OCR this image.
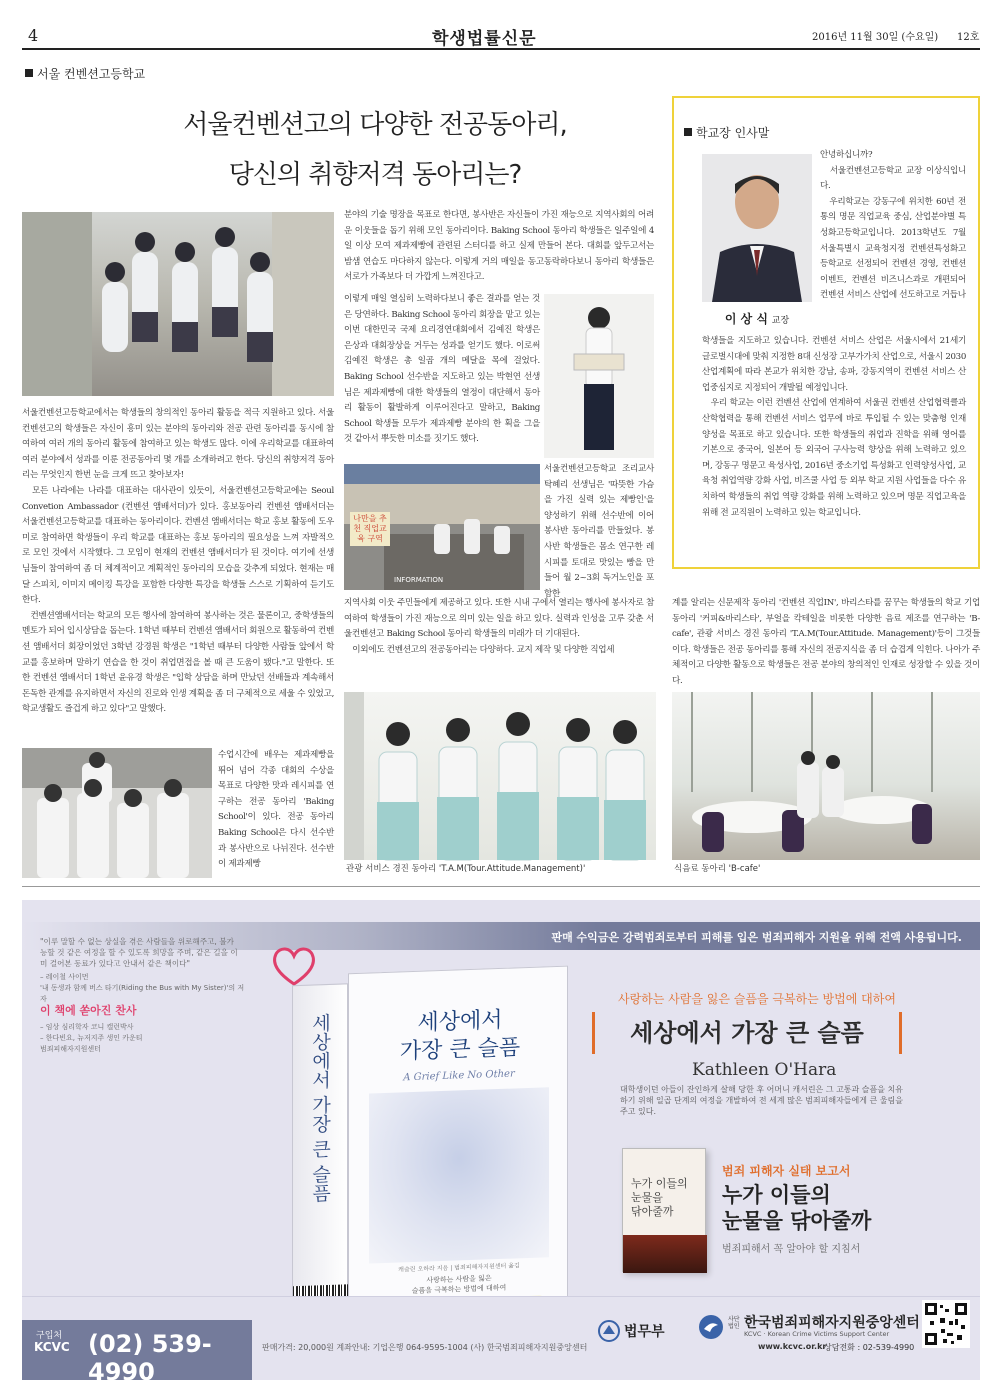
4	학생법률신문	2016년 11월 30일 (수요일) 12호
서울 컨벤션고등학교
서울컨벤션고의 다양한 전공동아리,
당신의 취향저격 동아리는?
서울컨벤션고등학교에서는 학생들의 창의적인 동아리 활동을 적극 지원하고 있다. 서울컨벤션고의 학생들은 자신이 흥미 있는 분야의 동아리와 전공 관련 동아리를 동시에 참여하여 여러 개의 동아리 활동에 참여하고 있는 학생도 많다. 이에 우리학교를 대표하여 여러 분야에서 성과를 이룬 전공동아리 몇 개를 소개하려고 한다. 당신의 취향저격 동아리는 무엇인지 한번 눈을 크게 뜨고 찾아보자!
　모든 나라에는 나라를 대표하는 대사관이 있듯이, 서울컨벤션고등학교에는 Seoul Convetion Ambassador (컨벤션 앰배서더)가 있다. 홍보동아리 컨벤션 앰배서더는 서울컨벤션고등학교를 대표하는 동아리이다. 컨벤션 앰배서더는 학교 홍보 활동에 도우미로 참여하면 학생들이 우리 학교를 대표하는 홍보 동아리의 필요성을 느껴 자발적으로 모인 것에서 시작했다. 그 모임이 현재의 컨벤션 앰배서더가 된 것이다. 여기에 선생님들이 참여하여 좀 더 체계적이고 계획적인 동아리의 모습을 갖추게 되었다. 현재는 매달 스피치, 이미지 메이킹 특강을 포함한 다양한 특강을 학생들 스스로 기획하여 듣기도 한다.
　컨벤션앰배서더는 학교의 모든 행사에 참여하여 봉사하는 것은 물론이고, 중학생들의 멘토가 되어 입시상담을 돕는다. 1학년 때부터 컨벤션 앰배서더 회원으로 활동하여 컨벤션 앰배서더 회장이었던 3학년 강경원 학생은 "1학년 때부터 다양한 사람들 앞에서 학교를 홍보하며 말하기 연습을 한 것이 취업면접을 볼 때 큰 도움이 됐다."고 말한다. 또한 컨벤션 앰배서더 1학년 윤유경 학생은 "입학 상담을 하며 만났던 선배들과 계속해서 돈독한 관계를 유지하면서 자신의 진로와 인생 계획을 좀 더 구체적으로 세울 수 있었고, 학교생활도 즐겁게 하고 있다"고 말했다.
수업시간에 배우는 제과제빵을 뛰어 넘어 각종 대회의 수상을 목표로 다양한 맛과 레시피를 연구하는 전공 동아리 'Baking School'이 있다. 전공 동아리 Baking School은 다시 선수반과 봉사반으로 나뉘진다. 선수반이 제과제빵
분야의 기술 명장을 목표로 한다면, 봉사반은 자신들이 가진 재능으로 지역사회의 어려운 이웃들을 돕기 위해 모인 동아리이다. Baking School 동아리 학생들은 일주일에 4일 이상 모여 제과제빵에 관련된 스터디를 하고 실제 만들어 본다. 대회를 앞두고서는 밤샘 연습도 마다하지 않는다. 이렇게 거의 매일을 동고동락하다보니 동아리 학생들은 서로가 가족보다 더 가깝게 느껴진다고.
이렇게 매일 열심히 노력하다보니 좋은 결과를 얻는 것은 당연하다. Baking School 동아리 회장을 맡고 있는 이번 대한민국 국제 요리경연대회에서 김예진 학생은 은상과 대회장상을 거두는 성과를 얻기도 했다. 이로써 김예진 학생은 총 일곱 개의 메달을 목에 걸었다. Baking School 선수반을 지도하고 있는 박현연 선생님은 제과제빵에 대한 학생들의 열정이 대단해서 동아리 활동이 활발하게 이루어진다고 말하고, Baking School 학생들 모두가 제과제빵 분야의 한 획을 그을 것 같아서 뿌듯한 미소를 짓기도 했다.
나만을 추천 직업교육 구역
INFORMATION
서울컨벤션고등학교 조리교사 탁혜리 선생님은 '따뜻한 가슴을 가진 실력 있는 제빵인'을 양성하기 위해 선수반에 이어 봉사반 동아리를 만들었다. 봉사반 학생들은 몸소 연구한 레시피를 토대로 맛있는 빵을 만들어 월 2~3회 독거노인을 포함한
지역사회 이웃 주민들에게 제공하고 있다. 또한 시내 구에서 열리는 행사에 봉사자로 참여하여 학생들이 가진 재능으로 의미 있는 일을 하고 있다. 실력과 인성을 고루 갖춘 서울컨벤션고 Baking School 동아리 학생들의 미래가 더 기대된다.
　이외에도 컨벤션고의 전공동아리는 다양하다. 교지 제작 및 다양한 직업세
학교장 인사말
이 상 식 교장
안녕하십니까?
　서울컨벤션고등학교 교장 이상식입니다.
　우리학교는 강동구에 위치한 60년 전통의 명문 직업교육 중심, 산업분야별 특성화고등학교입니다. 2013학년도 7월 서울특별시 교육청지정 컨벤션특성화고등학교로 선정되어 컨벤션 경영, 컨벤션 이벤트, 컨벤션 비즈니스과로 개편되어 컨벤션 서비스 산업에 선도하고로 거듭나
학생들을 지도하고 있습니다. 컨벤션 서비스 산업은 서울시에서 21세기 글로벌시대에 맞춰 지정한 8대 신성장 고부가가치 산업으로, 서울시 2030 산업계획에 따라 본교가 위치한 강남, 송파, 강동지역이 컨벤션 서비스 산업중심지로 지정되어 개발될 예정입니다.
　우리 학교는 이런 컨벤션 산업에 연계하여 서울권 컨벤션 산업협력클과 산학협력을 통해 컨벤션 서비스 업무에 바로 투입될 수 있는 맞춤형 인재양성을 목표로 하고 있습니다. 또한 학생들의 취업과 진학을 위해 영어를 기본으로 중국어, 일본어 등 외국어 구사능력 향상을 위해 노력하고 있으며, 강동구 명문고 육성사업, 2016년 중소기업 특성화고 인력양성사업, 교육청 취업역량 강화 사업, 비즈쿨 사업 등 외부 학교 지원 사업들을 다수 유치하여 학생들의 취업 역량 강화를 위해 노력하고 있으며 명문 직업고육을 위해 전 교직원이 노력하고 있는 학교입니다.
계를 알리는 신문제작 동아리 '컨벤션 직업IN', 바리스타를 꿈꾸는 학생들의 학교 기업 동아리 '커피&바리스타', 부얼을 칵테일을 비롯한 다양한 음료 제조를 연구하는 'B-cafe', 관광 서비스 경진 동아리 'T.A.M(Tour.Attitude. Management)'등이 그것들 이다. 학생들은 전공 동아리를 통해 자신의 전공지식을 좀 더 습겹게 익힌다. 나아가 주체적이고 다양한 활동으로 학생들은 전공 분야의 창의적인 인재로 성장할 수 있을 것이다.
관광 서비스 경진 동아리 'T.A.M(Tour.Attitude.Management)'	식음료 동아리 'B-cafe'
판매 수익금은 강력범죄로부터 피해를 입은 범죄피해자 지원을 위해 전액 사용됩니다.
"이루 말할 수 없는 상실을 겪은 사람들을 위로해주고, 불가능할 것 같은 여정을 할 수 있도록 희망을 주며, 같은 길을 이미 걸어본 동료가 있다고 안내서 같은 책이다"
– 레이철 사이먼
'내 동생과 함께 버스 타기(Riding the Bus with My Sister)'의 저자
이 책에 쏟아진 찬사
– 임상 심리학자 코니 캘런박사
– 한다빈요, 뉴저지주 생인 카운티
범죄피해자지원센터	세상에서 가장 큰 슬픔	세상에서
가장 큰 슬픔
A Grief Like No Other
캐슬린 오하라 지음 | 범죄피해자지원센터 옮김
사랑하는 사람을 잃은
슬픔을 극복하는 방법에 대하여
사랑하는 사람을 잃은 슬픔을 극복하는 방법에 대하여
세상에서 가장 큰 슬픔
Kathleen O'Hara
대학생이던 아들이 잔인하게 살해 당한 후 어머니 캐서린은 그 고통과 슬픔을 치유하기 위해 일곱 단계의 여정을 개발하여 전 세계 많은 범죄피해자들에게 큰 울림을 주고 있다.
누가 이들의
눈물을
닦아줄까
범죄 피해자 실태 보고서
누가 이들의
눈물을 닦아줄까
범죄피해서 꼭 알아야 할 지침서
구입처
KCVC (02) 539-4990
판매가격: 20,000원 계좌안내: 기업은행 064-9595-1004 (사) 한국범죄피해자지원중앙센터
법무부
사단법인 한국범죄피해자지원중앙센터
KCVC · Korean Crime Victims Support Center
www.kcvc.or.kr
상담전화 : 02-539-4990
